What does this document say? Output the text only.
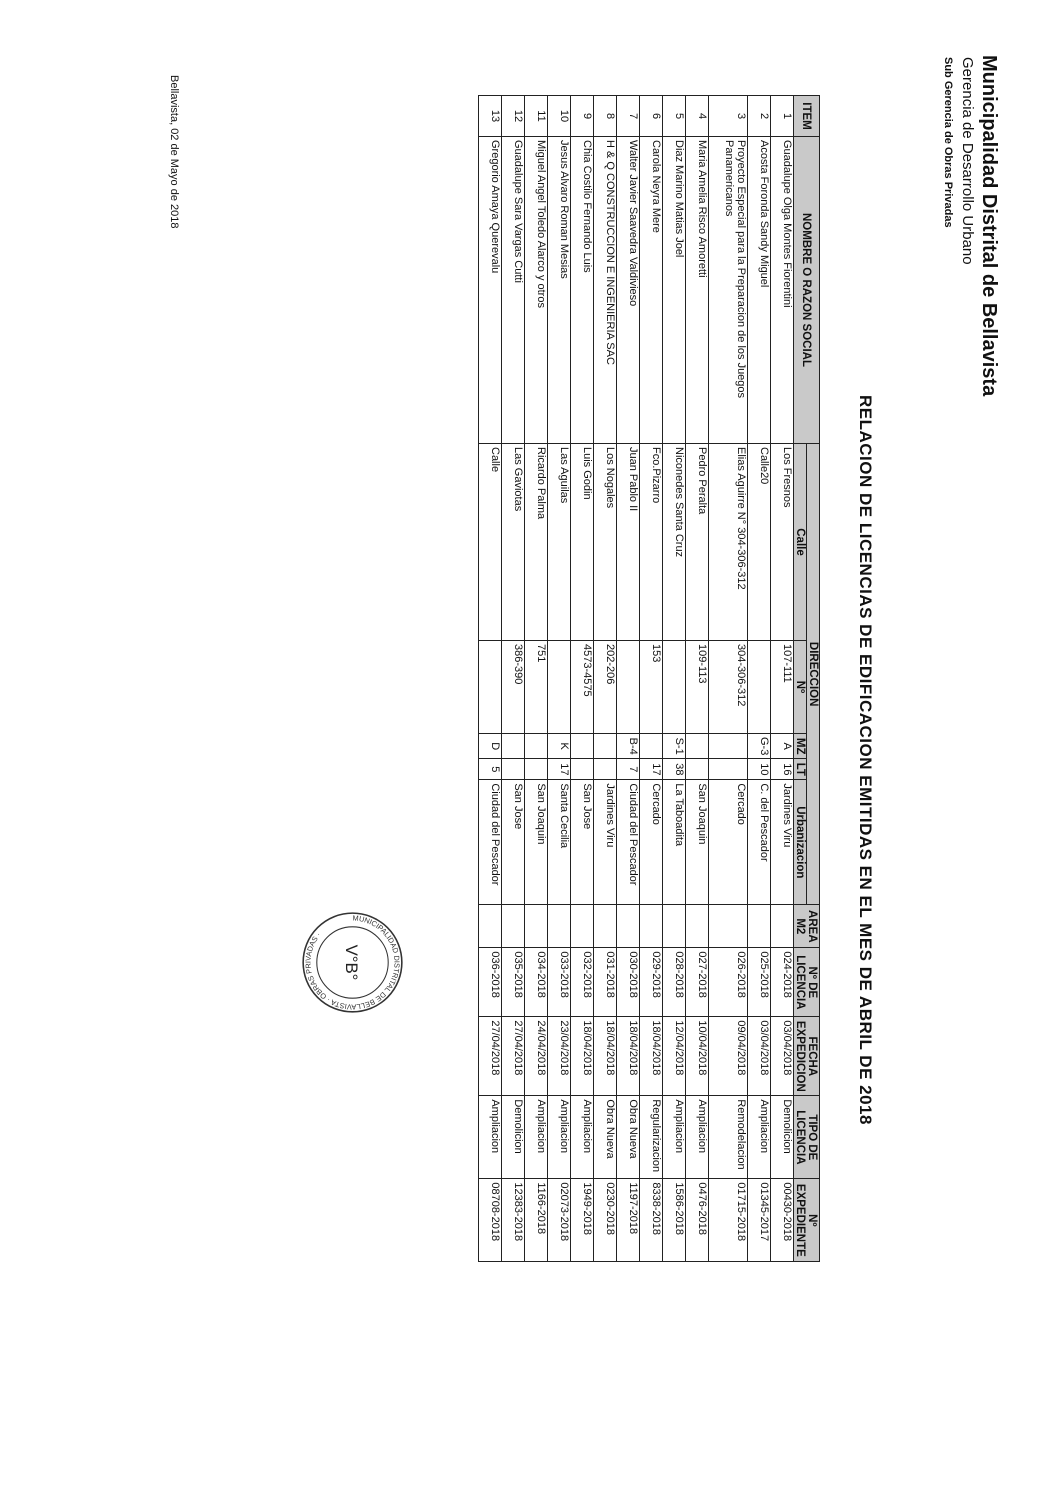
Municipalidad Distrital de Bellavista
Gerencia de Desarrollo Urbano
Sub Gerencia de Obras Privadas
RELACION DE LICENCIAS DE EDIFICACION EMITIDAS EN EL MES DE ABRIL DE 2018
ITEM	NOMBRE O RAZON SOCIAL	DIRECCION					AREA M2	Nº DE LICENCIA	FECHA EXPEDICION	TIPO DE LICENCIA	Nº EXPEDIENTE
		Calle	Nº	MZ	LT	Urbanizacion					
1	Guadalupe Olga Montes Fiorentini	Los Fresnos	107-111	A	16	Jardines Viru		024-2018	03/04/2018	Demolicion	00430-2018
2	Acosta Foronda Sandy Miguel	Calle20		G-3	10	C. del Pescador		025-2018	03/04/2018	Ampliacion	01345-2017
3	Proyecto Especial para la Preparacion de los Juegos Panamericanos	Elias Aguirre N° 304-306-312	304-306-312			Cercado		026-2018	09/04/2018	Remodelacion	01715-2018
4	Maria Amelia Risco Amoretti	Pedro Peralta	109-113			San Joaquin		027-2018	10/04/2018	Ampliacion	0476-2018
5	Diaz Marino Matias Joel	Niconedes Santa Cruz		S-1	38	La Taboadita		028-2018	12/04/2018	Ampliacion	1586-2018
6	Carola Neyra Mere	Fco.Pizarro	153		17	Cercado		029-2018	18/04/2018	Regularizacion	8338-2018
7	Walter Javier Saavedra Valdivieso	Juan Pablo II		B-4	7	Ciudad del Pescador		030-2018	18/04/2018	Obra Nueva	1197-2018
8	H & Q CONSTRUCCION E INGENIERIA SAC	Los Nogales	202-206			Jardines Viru		031-2018	18/04/2018	Obra Nueva	0230-2018
9	Chia Costilo Fernando Luis	Luis Godin	4573-4575			San Jose		032-2018	18/04/2018	Ampliacion	1949-2018
10	Jesus Alvaro Roman Mesias	Las Aguilas		K	17	Santa Cecilia		033-2018	23/04/2018	Ampliacion	02073-2018
11	Miguel Angel Toledo Alarco y otros	Ricardo Palma	751			San Joaquin		034-2018	24/04/2018	Ampliacion	1166-2018
12	Guadalupe Sara Vargas Cutti	Las Gaviotas	386-390			San Jose		035-2018	27/04/2018	Demolicion	12383-2018
13	Gregorio Amaya Querevalu	Calle		D	5	Ciudad del Pescador		036-2018	27/04/2018	Ampliacion	08708-2018
Bellavista, 02 de Mayo de 2018
MUNICIPALIDAD DISTRITAL DE BELLAVISTA · OBRAS PRIVADAS ·
V°B°
